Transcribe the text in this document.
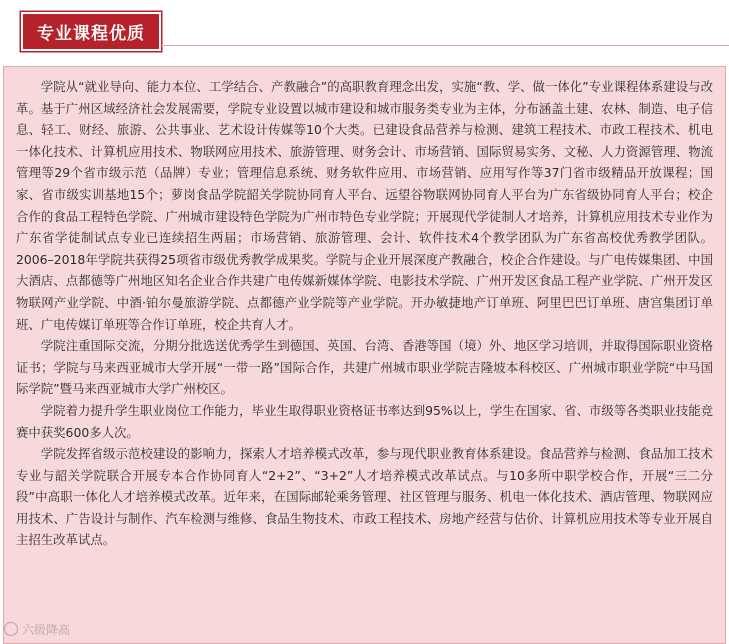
专业课程优质

学院从“就业导向、能力本位、工学结合、产教融合”的高职教育理念出发，实施“教、学、做一体化”专业课程体系建设与改革。基于广州区域经济社会发展需要，学院专业设置以城市建设和城市服务类专业为主体，分布涵盖土建、农林、制造、电子信息、轻工、财经、旅游、公共事业、艺术设计传媒等10个大类。已建设食品营养与检测、建筑工程技术、市政工程技术、机电一体化技术、计算机应用技术、物联网应用技术、旅游管理、财务会计、市场营销、国际贸易实务、文秘、人力资源管理、物流管理等29个省市级示范（品牌）专业；管理信息系统、财务软件应用、市场营销、应用写作等37门省市级精品开放课程；国家、省市级实训基地15个；萝岗食品学院韶关学院协同育人平台、远望谷物联网协同育人平台为广东省级协同育人平台；校企合作的食品工程特色学院、广州城市建设特色学院为广州市特色专业学院；开展现代学徒制人才培养，计算机应用技术专业作为广东省学徒制试点专业已连续招生两届；市场营销、旅游管理、会计、软件技术4个教学团队为广东省高校优秀教学团队。2006–2018年学院共获得25项省市级优秀教学成果奖。学院与企业开展深度产教融合，校企合作建设。与广电传媒集团、中国大酒店、点都德等广州地区知名企业合作共建广电传媒新媒体学院、电影技术学院、广州开发区食品工程产业学院、广州开发区物联网产业学院、中酒·铂尔曼旅游学院、点都德产业学院等产业学院。开办敏捷地产订单班、阿里巴巴订单班、唐宫集团订单班、广电传媒订单班等合作订单班，校企共育人才。

学院注重国际交流，分期分批选送优秀学生到德国、英国、台湾、香港等国（境）外、地区学习培训，并取得国际职业资格证书；学院与马来西亚城市大学开展“一带一路”国际合作，共建广州城市职业学院吉隆坡本科校区、广州城市职业学院“中马国际学院”暨马来西亚城市大学广州校区。

学院着力提升学生职业岗位工作能力，毕业生取得职业资格证书率达到95%以上，学生在国家、省、市级等各类职业技能竞赛中获奖600多人次。

学院发挥省级示范校建设的影响力，探索人才培养模式改革，参与现代职业教育体系建设。食品营养与检测、食品加工技术专业与韶关学院联合开展专本合作协同育人“2+2”、“3+2”人才培养模式改革试点。与10多所中职学校合作，开展“三二分段”中高职一体化人才培养模式改革。近年来，在国际邮轮乘务管理、社区管理与服务、机电一体化技术、酒店管理、物联网应用技术、广告设计与制作、汽车检测与维修、食品生物技术、市政工程技术、房地产经营与估价、计算机应用技术等专业开展自主招生改革试点。

六级降高
